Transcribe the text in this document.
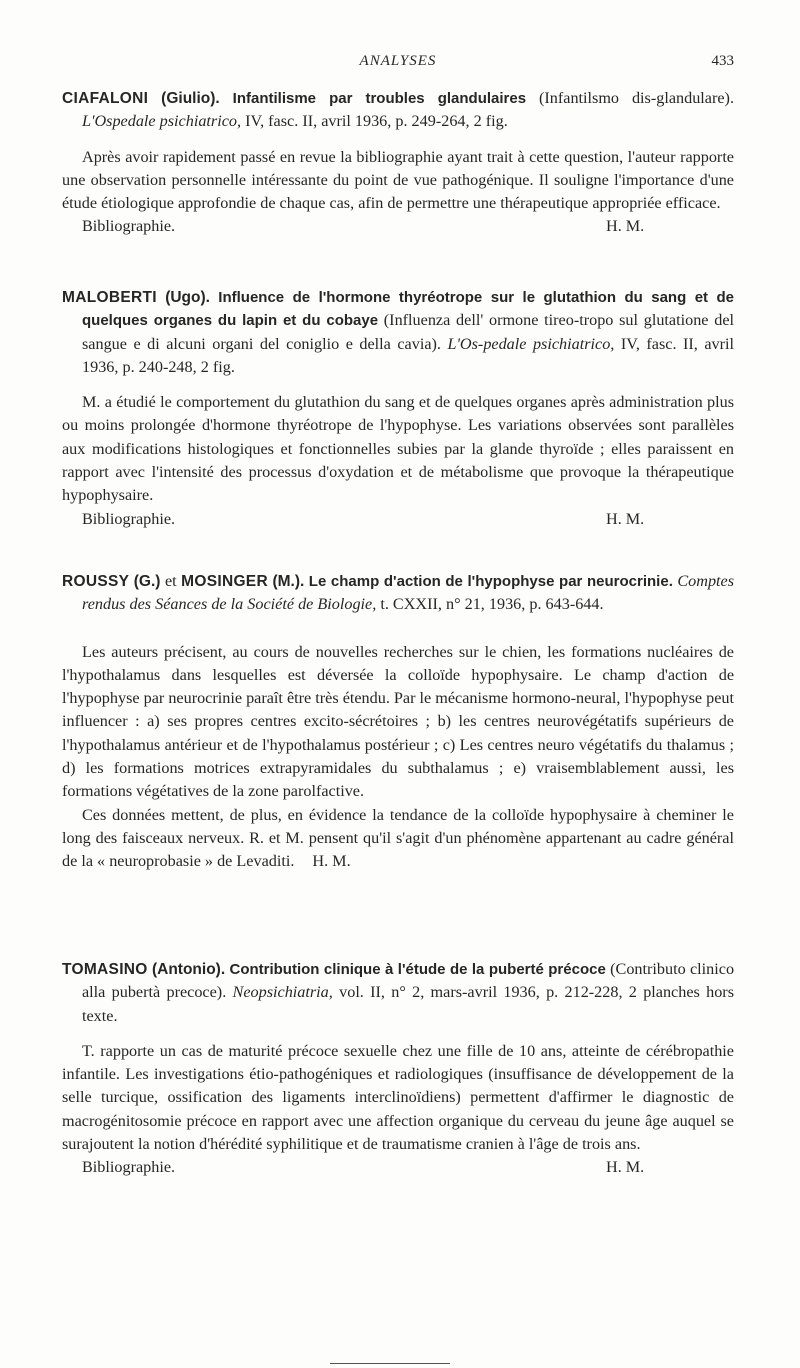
ANALYSES	433

CIAFALONI (Giulio). Infantilisme par troubles glandulaires (Infantilsmo dis-glandulare). L'Ospedale psichiatrico, IV, fasc. II, avril 1936, p. 249-264, 2 fig.

Après avoir rapidement passé en revue la bibliographie ayant trait à cette question, l'auteur rapporte une observation personnelle intéressante du point de vue pathogénique. Il souligne l'importance d'une étude étiologique approfondie de chaque cas, afin de permettre une thérapeutique appropriée efficace.

Bibliographie.	H. M.

MALOBERTI (Ugo). Influence de l'hormone thyréotrope sur le glutathion du sang et de quelques organes du lapin et du cobaye (Influenza dell' ormone tireo-tropo sul glutatione del sangue e di alcuni organi del coniglio e della cavia). L'Os-pedale psichiatrico, IV, fasc. II, avril 1936, p. 240-248, 2 fig.

M. a étudié le comportement du glutathion du sang et de quelques organes après administration plus ou moins prolongée d'hormone thyréotrope de l'hypophyse. Les variations observées sont parallèles aux modifications histologiques et fonctionnelles subies par la glande thyroïde ; elles paraissent en rapport avec l'intensité des processus d'oxydation et de métabolisme que provoque la thérapeutique hypophysaire.

Bibliographie.	H. M.

ROUSSY (G.) et MOSINGER (M.). Le champ d'action de l'hypophyse par neurocrinie. Comptes rendus des Séances de la Société de Biologie, t. CXXII, n° 21, 1936, p. 643-644.

Les auteurs précisent, au cours de nouvelles recherches sur le chien, les formations nucléaires de l'hypothalamus dans lesquelles est déversée la colloïde hypophysaire. Le champ d'action de l'hypophyse par neurocrinie paraît être très étendu. Par le mécanisme hormono-neural, l'hypophyse peut influencer : a) ses propres centres excito-sécrétoires ; b) les centres neurovégétatifs supérieurs de l'hypothalamus antérieur et de l'hypothalamus postérieur ; c) Les centres neuro végétatifs du thalamus ; d) les formations motrices extrapyramidales du subthalamus ; e) vraisemblablement aussi, les formations végétatives de la zone parolfactive.

Ces données mettent, de plus, en évidence la tendance de la colloïde hypophysaire à cheminer le long des faisceaux nerveux. R. et M. pensent qu'il s'agit d'un phénomène appartenant au cadre général de la « neuroprobasie » de Levaditi. H. M.

TOMASINO (Antonio). Contribution clinique à l'étude de la puberté précoce (Contributo clinico alla pubertà precoce). Neopsichiatria, vol. II, n° 2, mars-avril 1936, p. 212-228, 2 planches hors texte.

T. rapporte un cas de maturité précoce sexuelle chez une fille de 10 ans, atteinte de cérébropathie infantile. Les investigations étio-pathogéniques et radiologiques (insuffisance de développement de la selle turcique, ossification des ligaments interclinoïdiens) permettent d'affirmer le diagnostic de macrogénitosomie précoce en rapport avec une affection organique du cerveau du jeune âge auquel se surajoutent la notion d'hérédité syphilitique et de traumatisme cranien à l'âge de trois ans.

Bibliographie.	H. M.
